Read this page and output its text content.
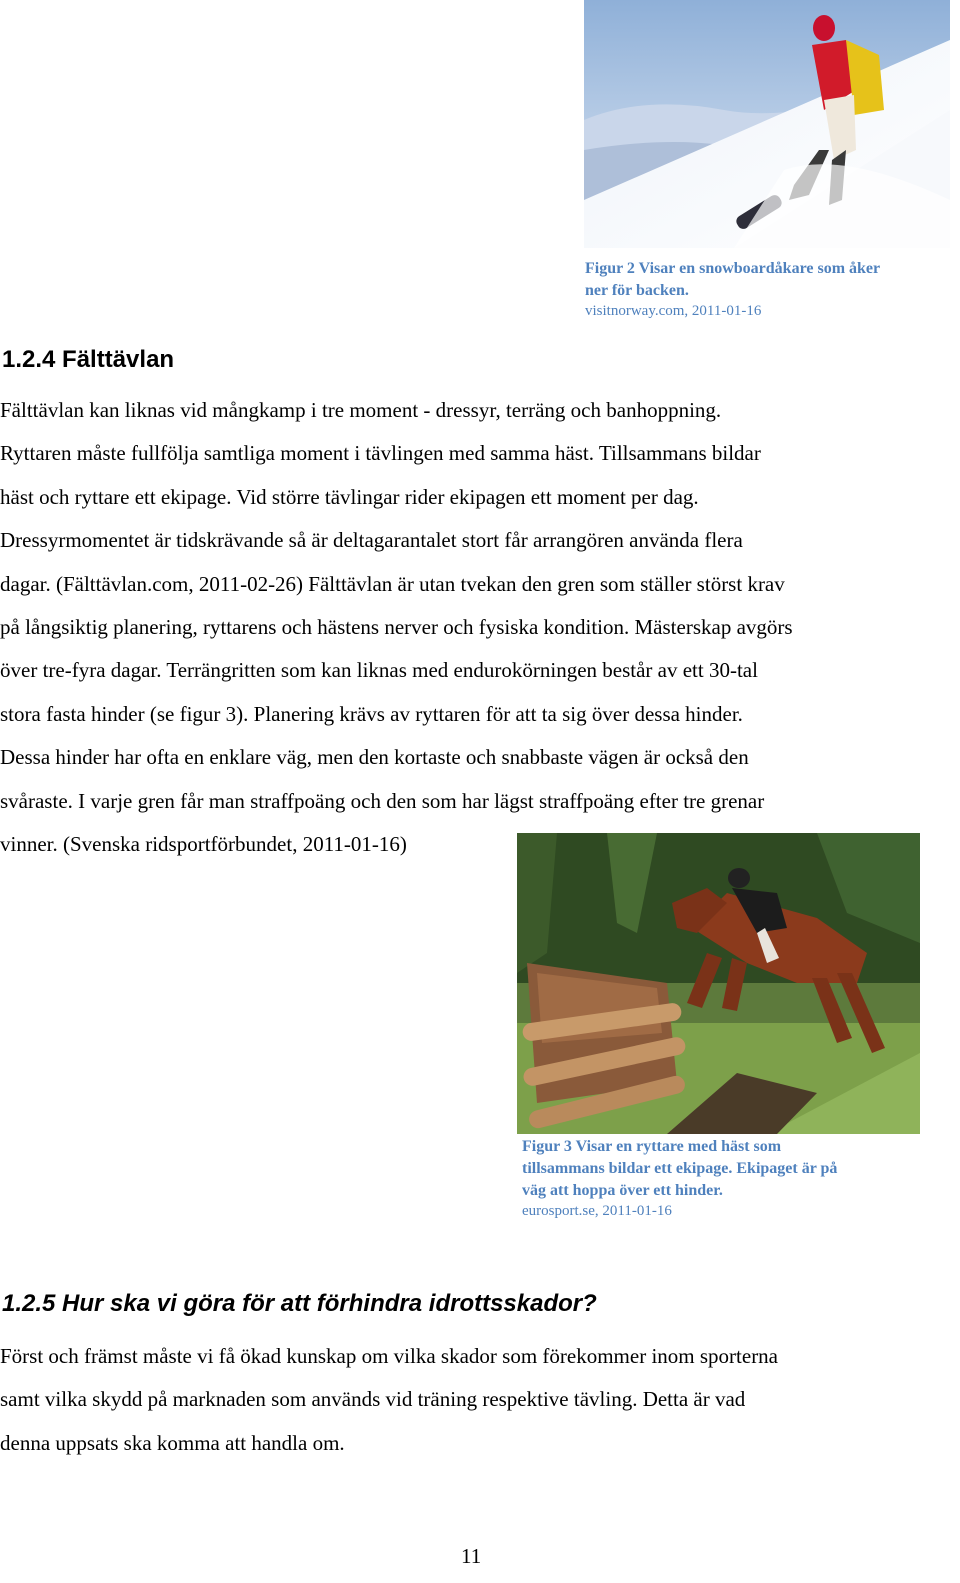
Figur 2 Visar en snowboardåkare som åker
ner för backen.
visitnorway.com, 2011-01-16
1.2.4 Fälttävlan
Fälttävlan kan liknas vid mångkamp i tre moment - dressyr, terräng och banhoppning.
Ryttaren måste fullfölja samtliga moment i tävlingen med samma häst. Tillsammans bildar
häst och ryttare ett ekipage. Vid större tävlingar rider ekipagen ett moment per dag.
Dressyrmomentet är tidskrävande så är deltagarantalet stort får arrangören använda flera
dagar. (Fälttävlan.com, 2011-02-26) Fälttävlan är utan tvekan den gren som ställer störst krav
på långsiktig planering, ryttarens och hästens nerver och fysiska kondition. Mästerskap avgörs
över tre-fyra dagar. Terrängritten som kan liknas med endurokörningen består av ett 30-tal
stora fasta hinder (se figur 3). Planering krävs av ryttaren för att ta sig över dessa hinder.
Dessa hinder har ofta en enklare väg, men den kortaste och snabbaste vägen är också den
svåraste. I varje gren får man straffpoäng och den som har lägst straffpoäng efter tre grenar
vinner. (Svenska ridsportförbundet, 2011-01-16)
Figur 3 Visar en ryttare med häst som
tillsammans bildar ett ekipage. Ekipaget är på
väg att hoppa över ett hinder.
eurosport.se, 2011-01-16
1.2.5 Hur ska vi göra för att förhindra idrottsskador?
Först och främst måste vi få ökad kunskap om vilka skador som förekommer inom sporterna
samt vilka skydd på marknaden som används vid träning respektive tävling. Detta är vad
denna uppsats ska komma att handla om.
11
